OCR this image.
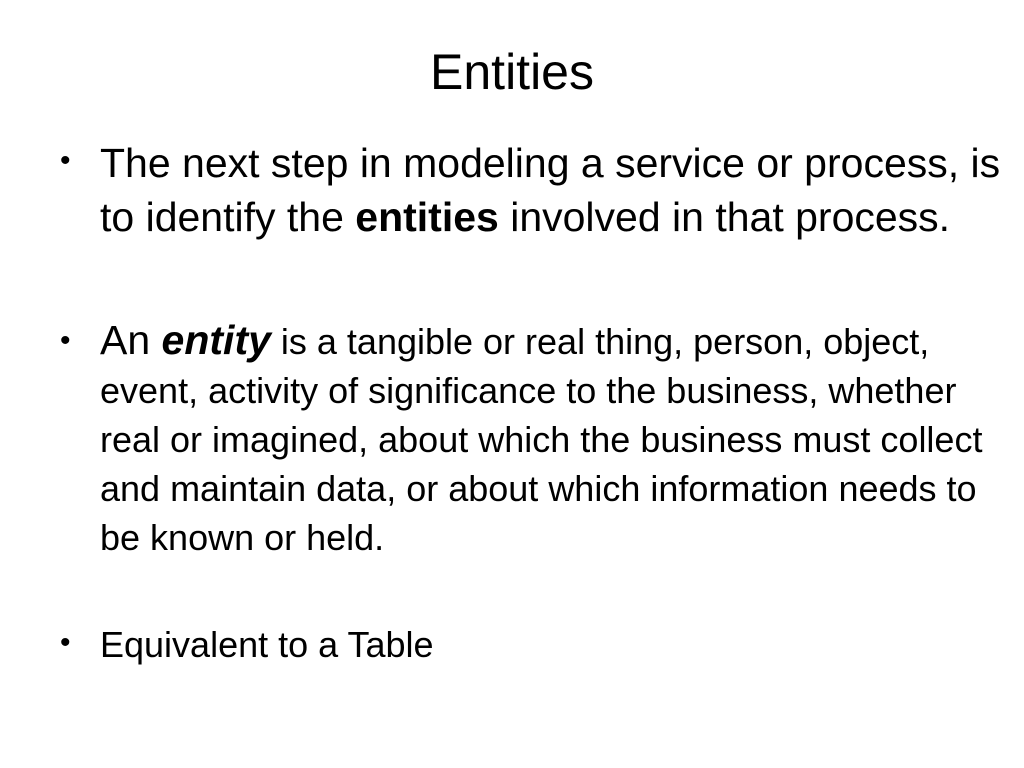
Entities
• The next step in modeling a service or process, is to identify the entities involved in that process.
• An entity is a tangible or real thing, person, object, event, activity of significance to the business, whether real or imagined, about which the business must collect and maintain data, or about which information needs to be known or held.
• Equivalent to a Table
